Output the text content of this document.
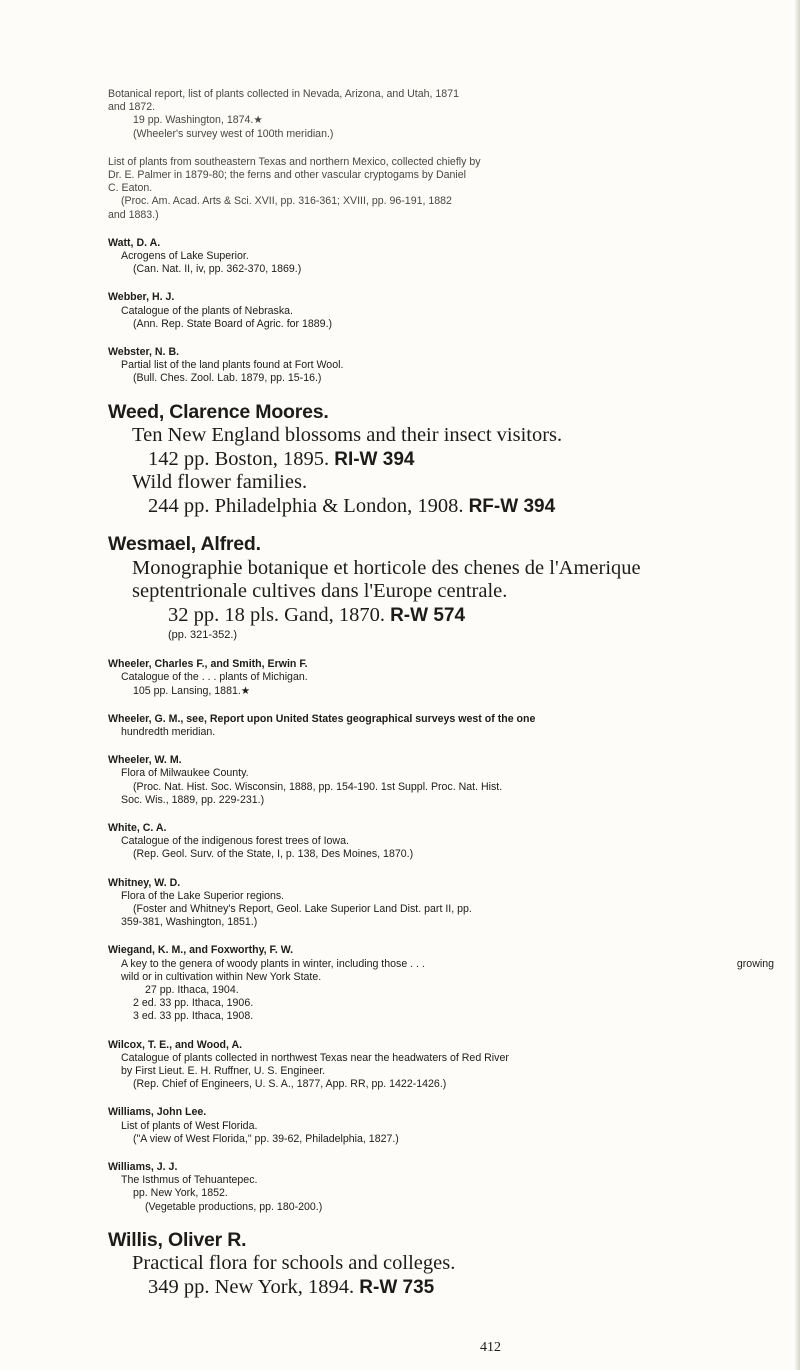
Botanical report, list of plants collected in Nevada, Arizona, and Utah, 1871
and 1872.
19 pp. Washington, 1874.★
(Wheeler's survey west of 100th meridian.)
List of plants from southeastern Texas and northern Mexico, collected chiefly by
Dr. E. Palmer in 1879-80; the ferns and other vascular cryptogams by Daniel
C. Eaton.
(Proc. Am. Acad. Arts & Sci. XVII, pp. 316-361; XVIII, pp. 96-191, 1882
and 1883.)
Watt, D. A.
Acrogens of Lake Superior.
(Can. Nat. II, iv, pp. 362-370, 1869.)
Webber, H. J.
Catalogue of the plants of Nebraska.
(Ann. Rep. State Board of Agric. for 1889.)
Webster, N. B.
Partial list of the land plants found at Fort Wool.
(Bull. Ches. Zool. Lab. 1879, pp. 15-16.)
Weed, Clarence Moores.
Ten New England blossoms and their insect visitors.
142 pp. Boston, 1895. RI-W 394
Wild flower families.
244 pp. Philadelphia & London, 1908. RF-W 394
Wesmael, Alfred.
Monographie botanique et horticole des chenes de l'Amerique
septentrionale cultives dans l'Europe centrale.
32 pp. 18 pls. Gand, 1870. R-W 574
(pp. 321-352.)
Wheeler, Charles F., and Smith, Erwin F.
Catalogue of the . . . plants of Michigan.
105 pp. Lansing, 1881.★
Wheeler, G. M., see, Report upon United States geographical surveys west of the one
hundredth meridian.
Wheeler, W. M.
Flora of Milwaukee County.
(Proc. Nat. Hist. Soc. Wisconsin, 1888, pp. 154-190. 1st Suppl. Proc. Nat. Hist.
Soc. Wis., 1889, pp. 229-231.)
White, C. A.
Catalogue of the indigenous forest trees of Iowa.
(Rep. Geol. Surv. of the State, I, p. 138, Des Moines, 1870.)
Whitney, W. D.
Flora of the Lake Superior regions.
(Foster and Whitney's Report, Geol. Lake Superior Land Dist. part II, pp.
359-381, Washington, 1851.)
Wiegand, K. M., and Foxworthy, F. W.
A key to the genera of woody plants in winter, including those . . .	growing
wild or in cultivation within New York State.
27 pp. Ithaca, 1904.
2 ed. 33 pp. Ithaca, 1906.
3 ed. 33 pp. Ithaca, 1908.
Wilcox, T. E., and Wood, A.
Catalogue of plants collected in northwest Texas near the headwaters of Red River
by First Lieut. E. H. Ruffner, U. S. Engineer.
(Rep. Chief of Engineers, U. S. A., 1877, App. RR, pp. 1422-1426.)
Williams, John Lee.
List of plants of West Florida.
("A view of West Florida," pp. 39-62, Philadelphia, 1827.)
Williams, J. J.
The Isthmus of Tehuantepec.
pp. New York, 1852.
(Vegetable productions, pp. 180-200.)
Willis, Oliver R.
Practical flora for schools and colleges.
349 pp. New York, 1894. R-W 735
412
